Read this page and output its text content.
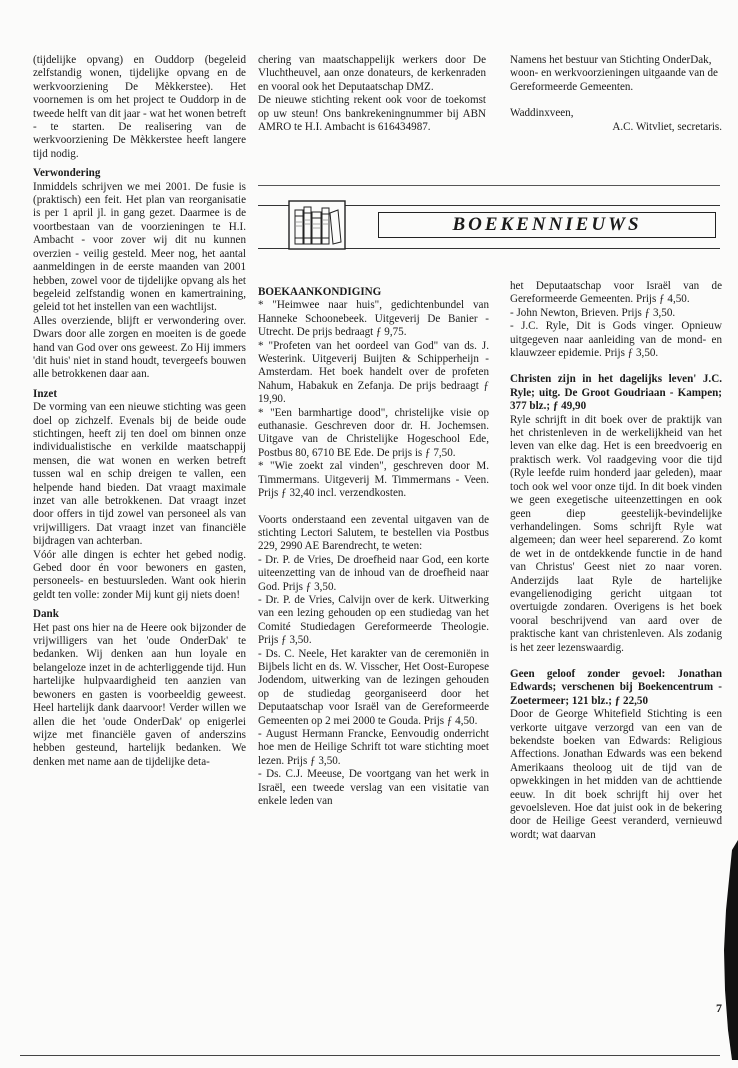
(tijdelijke opvang) en Ouddorp (begeleid zelfstandig wonen, tijdelijke opvang en de werkvoorziening De Mèkkerstee). Het voornemen is om het project te Ouddorp in de tweede helft van dit jaar - wat het wonen betreft - te starten. De realisering van de werkvoorziening De Mèkkerstee heeft langere tijd nodig.

Verwondering

Inmiddels schrijven we mei 2001. De fusie is (praktisch) een feit. Het plan van reorganisatie is per 1 april jl. in gang gezet. Daarmee is de voortbestaan van de voorzieningen te H.I. Ambacht - voor zover wij dit nu kunnen overzien - veilig gesteld. Meer nog, het aantal aanmeldingen in de eerste maanden van 2001 hebben, zowel voor de tijdelijke opvang als het begeleid zelfstandig wonen en kamertraining, geleid tot het instellen van een wachtlijst.

Alles overziende, blijft er verwondering over. Dwars door alle zorgen en moeiten is de goede hand van God over ons geweest. Zo Hij immers 'dit huis' niet in stand houdt, tevergeefs bouwen alle betrokkenen daar aan.

Inzet

De vorming van een nieuwe stichting was geen doel op zichzelf. Evenals bij de beide oude stichtingen, heeft zij ten doel om binnen onze individualistische en verkilde maatschappij mensen, die wat wonen en werken betreft tussen wal en schip dreigen te vallen, een helpende hand bieden. Dat vraagt maximale inzet van alle betrokkenen. Dat vraagt inzet door offers in tijd zowel van personeel als van vrijwilligers. Dat vraagt inzet van financiële bijdragen van achterban.

Vóór alle dingen is echter het gebed nodig. Gebed door én voor bewoners en gasten, personeels- en bestuursleden. Want ook hierin geldt ten volle: zonder Mij kunt gij niets doen!

Dank

Het past ons hier na de Heere ook bijzonder de vrijwilligers van het 'oude OnderDak' te bedanken. Wij denken aan hun loyale en belangeloze inzet in de achterliggende tijd. Hun hartelijke hulpvaardigheid ten aanzien van bewoners en gasten is voorbeeldig geweest. Heel hartelijk dank daarvoor! Verder willen we allen die het 'oude OnderDak' op enigerlei wijze met financiële gaven of anderszins hebben gesteund, hartelijk bedanken. We denken met name aan de tijdelijke deta-

chering van maatschappelijk werkers door De Vluchtheuvel, aan onze donateurs, de kerkenraden en vooral ook het Deputaatschap DMZ.

De nieuwe stichting rekent ook voor de toekomst op uw steun! Ons bankrekeningnummer bij ABN AMRO te H.I. Ambacht is 616434987.

Namens het bestuur van Stichting OnderDak, woon- en werkvoorzieningen uitgaande van de Gereformeerde Gemeenten.

Waddinxveen,

A.C. Witvliet, secretaris.

BOEKENNIEUWS

BOEKAANKONDIGING

* "Heimwee naar huis", gedichtenbundel van Hanneke Schoonebeek. Uitgeverij De Banier - Utrecht. De prijs bedraagt ƒ 9,75.

* "Profeten van het oordeel van God" van ds. J. Westerink. Uitgeverij Buijten & Schipperheijn - Amsterdam. Het boek handelt over de profeten Nahum, Habakuk en Zefanja. De prijs bedraagt ƒ 19,90.

* "Een barmhartige dood", christelijke visie op euthanasie. Geschreven door dr. H. Jochemsen. Uitgave van de Christelijke Hogeschool Ede, Postbus 80, 6710 BE Ede. De prijs is ƒ 7,50.

* "Wie zoekt zal vinden", geschreven door M. Timmermans. Uitgeverij M. Timmermans - Veen. Prijs ƒ 32,40 incl. verzendkosten.

Voorts onderstaand een zevental uitgaven van de stichting Lectori Salutem, te bestellen via Postbus 229, 2990 AE Barendrecht, te weten:

- Dr. P. de Vries, De droefheid naar God, een korte uiteenzetting van de inhoud van de droefheid naar God. Prijs ƒ 3,50.

- Dr. P. de Vries, Calvijn over de kerk. Uitwerking van een lezing gehouden op een studiedag van het Comité Studiedagen Gereformeerde Theologie. Prijs ƒ 3,50.

- Ds. C. Neele, Het karakter van de ceremoniën in Bijbels licht en ds. W. Visscher, Het Oost-Europese Jodendom, uitwerking van de lezingen gehouden op de studiedag georganiseerd door het Deputaatschap voor Israël van de Gereformeerde Gemeenten op 2 mei 2000 te Gouda. Prijs ƒ 4,50.

- August Hermann Francke, Eenvoudig onderricht hoe men de Heilige Schrift tot ware stichting moet lezen. Prijs ƒ 3,50.

- Ds. C.J. Meeuse, De voortgang van het werk in Israël, een tweede verslag van een visitatie van enkele leden van

het Deputaatschap voor Israël van de Gereformeerde Gemeenten. Prijs ƒ 4,50.

- John Newton, Brieven. Prijs ƒ 3,50.

- J.C. Ryle, Dit is Gods vinger. Opnieuw uitgegeven naar aanleiding van de mond- en klauwzeer epidemie. Prijs ƒ 3,50.

Christen zijn in het dagelijks leven' J.C. Ryle; uitg. De Groot Goudriaan - Kampen; 377 blz.; ƒ 49,90

Ryle schrijft in dit boek over de praktijk van het christenleven in de werkelijkheid van het leven van elke dag. Het is een breedvoerig en praktisch werk. Vol raadgeving voor die tijd (Ryle leefde ruim honderd jaar geleden), maar toch ook wel voor onze tijd. In dit boek vinden we geen exegetische uiteenzettingen en ook geen diep geestelijk-bevindelijke verhandelingen. Soms schrijft Ryle wat algemeen; dan weer heel separerend. Zo komt de wet in de ontdekkende functie in de hand van Christus' Geest niet zo naar voren. Anderzijds laat Ryle de hartelijke evangelienodiging gericht uitgaan tot overtuigde zondaren. Overigens is het boek vooral beschrijvend van aard over de praktische kant van christenleven. Als zodanig is het zeer lezenswaardig.

Geen geloof zonder gevoel: Jonathan Edwards; verschenen bij Boekencentrum - Zoetermeer; 121 blz.; ƒ 22,50

Door de George Whitefield Stichting is een verkorte uitgave verzorgd van een van de bekendste boeken van Edwards: Religious Affections. Jonathan Edwards was een bekend Amerikaans theoloog uit de tijd van de opwekkingen in het midden van de achttiende eeuw. In dit boek schrijft hij over het gevoelsleven. Hoe dat juist ook in de bekering door de Heilige Geest veranderd, vernieuwd wordt; wat daarvan

7
